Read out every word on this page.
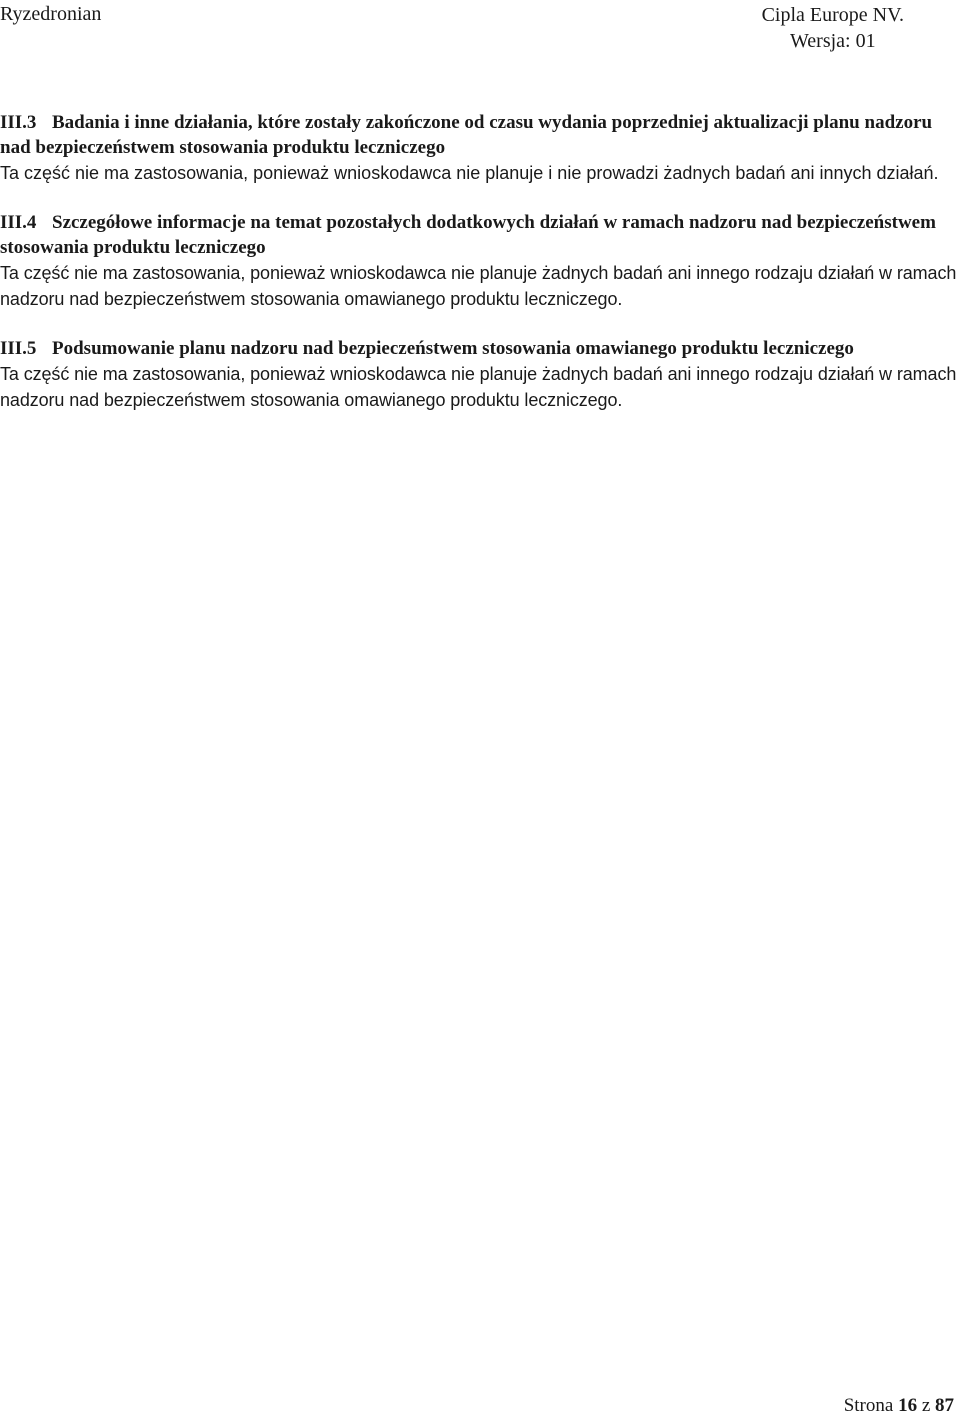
Ryzedronian	Cipla Europe NV.
Wersja: 01

III.3 Badania i inne działania, które zostały zakończone od czasu wydania poprzedniej aktualizacji planu nadzoru nad bezpieczeństwem stosowania produktu leczniczego

Ta część nie ma zastosowania, ponieważ wnioskodawca nie planuje i nie prowadzi żadnych badań ani innych działań.

III.4 Szczegółowe informacje na temat pozostałych dodatkowych działań w ramach nadzoru nad bezpieczeństwem stosowania produktu leczniczego

Ta część nie ma zastosowania, ponieważ wnioskodawca nie planuje żadnych badań ani innego rodzaju działań w ramach nadzoru nad bezpieczeństwem stosowania omawianego produktu leczniczego.

III.5 Podsumowanie planu nadzoru nad bezpieczeństwem stosowania omawianego produktu leczniczego

Ta część nie ma zastosowania, ponieważ wnioskodawca nie planuje żadnych badań ani innego rodzaju działań w ramach nadzoru nad bezpieczeństwem stosowania omawianego produktu leczniczego.

Strona 16 z 87
